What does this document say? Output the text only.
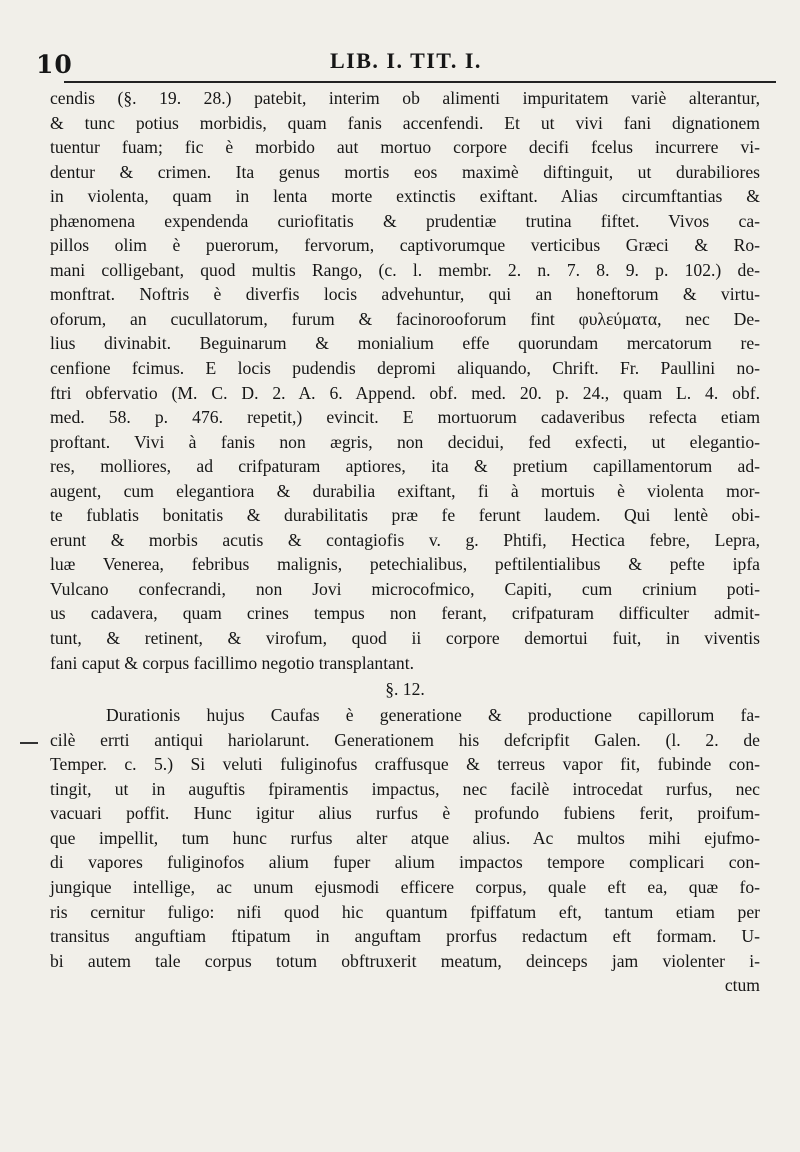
10	LIB. I. TIT. I.
cendis (§. 19. 28.) patebit, interim ob alimenti impuritatem variè alterantur,
& tunc potius morbidis, quam fanis accenfendi. Et ut vivi fani dignationem
tuentur fuam; fic è morbido aut mortuo corpore decifi fcelus incurrere vi-
dentur & crimen. Ita genus mortis eos maximè diftinguit, ut durabiliores
in violenta, quam in lenta morte extinctis exiftant. Alias circumftantias &
phænomena expendenda curiofitatis & prudentiæ trutina fiftet. Vivos ca-
pillos olim è puerorum, fervorum, captivorumque verticibus Græci & Ro-
mani colligebant, quod multis Rango, (c. l. membr. 2. n. 7. 8. 9. p. 102.) de-
monftrat. Noftris è diverfis locis advehuntur, qui an honeftorum & virtu-
oforum, an cucullatorum, furum & facinorooforum fint φυλεύματα, nec De-
lius divinabit. Beguinarum & monialium effe quorundam mercatorum re-
cenfione fcimus. E locis pudendis depromi aliquando, Chrift. Fr. Paullini no-
ftri obfervatio (M. C. D. 2. A. 6. Append. obf. med. 20. p. 24., quam L. 4. obf.
med. 58. p. 476. repetit,) evincit. E mortuorum cadaveribus refecta etiam
proftant. Vivi à fanis non ægris, non decidui, fed exfecti, ut elegantio-
res, molliores, ad crifpaturam aptiores, ita & pretium capillamentorum ad-
augent, cum elegantiora & durabilia exiftant, fi à mortuis è violenta mor-
te fublatis bonitatis & durabilitatis præ fe ferunt laudem. Qui lentè obi-
erunt & morbis acutis & contagiofis v. g. Phtifi, Hectica febre, Lepra,
luæ Venerea, febribus malignis, petechialibus, peftilentialibus & pefte ipfa
Vulcano confecrandi, non Jovi microcofmico, Capiti, cum crinium poti-
us cadavera, quam crines tempus non ferant, crifpaturam difficulter admit-
tunt, & retinent, & virofum, quod ii corpore demortui fuit, in viventis
fani caput & corpus facillimo negotio transplantant.
§. 12.
Durationis hujus Caufas è generatione & productione capillorum fa-
cilè errti antiqui hariolarunt. Generationem his defcripfit Galen. (l. 2. de
Temper. c. 5.) Si veluti fuliginofus craffusque & terreus vapor fit, fubinde con-
tingit, ut in auguftis fpiramentis impactus, nec facilè introcedat rurfus, nec
vacuari poffit. Hunc igitur alius rurfus è profundo fubiens ferit, proifum-
que impellit, tum hunc rurfus alter atque alius. Ac multos mihi ejufmo-
di vapores fuliginofos alium fuper alium impactos tempore complicari con-
jungique intellige, ac unum ejusmodi efficere corpus, quale eft ea, quæ fo-
ris cernitur fuligo: nifi quod hic quantum fpiffatum eft, tantum etiam per
transitus anguftiam ftipatum in anguftam prorfus redactum eft formam. U-
bi autem tale corpus totum obftruxerit meatum, deinceps jam violenter i-
ctum
